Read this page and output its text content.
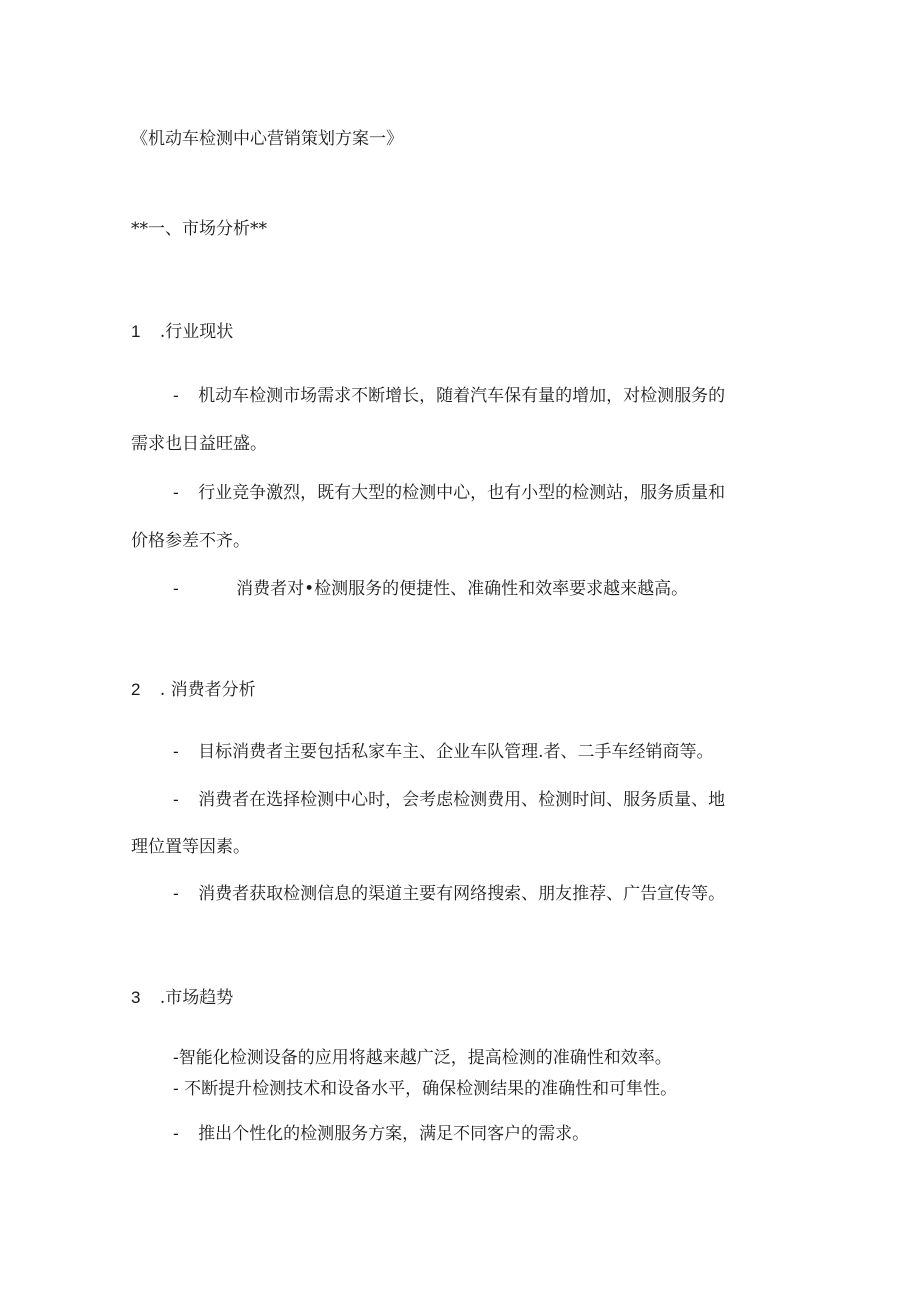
《机动车检测中心营销策划方案一》
**一、市场分析**
1 .行业现状
- 机动车检测市场需求不断增长，随着汽车保有量的增加，对检测服务的
需求也日益旺盛。
- 行业竞争激烈，既有大型的检测中心，也有小型的检测站，服务质量和
价格参差不齐。
-	消费者对•检测服务的便捷性、准确性和效率要求越来越高。
2 . 消费者分析
- 目标消费者主要包括私家车主、企业车队管理.者、二手车经销商等。
- 消费者在选择检测中心时，会考虑检测费用、检测时间、服务质量、地
理位置等因素。
- 消费者获取检测信息的渠道主要有网络搜索、朋友推荐、广告宣传等。
3 .市场趋势
-智能化检测设备的应用将越来越广泛，提高检测的准确性和效率。
- 不断提升检测技术和设备水平，确保检测结果的准确性和可隼性。
- 推出个性化的检测服务方案，满足不同客户的需求。
